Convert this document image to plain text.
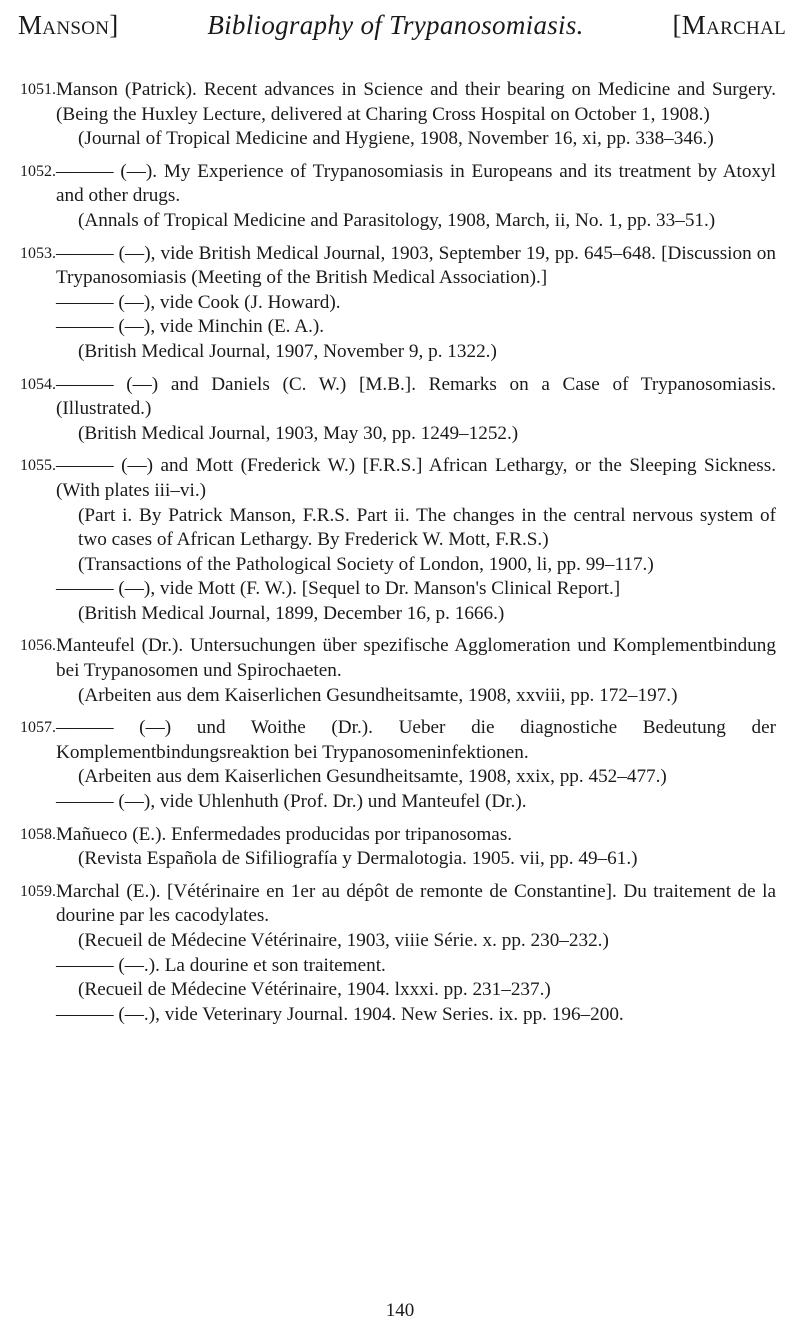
Manson]	Bibliography of Trypanosomiasis.	[Marchal
1051. Manson (Patrick). Recent advances in Science and their bearing on Medicine and Surgery. (Being the Huxley Lecture, delivered at Charing Cross Hospital on October 1, 1908.)

(Journal of Tropical Medicine and Hygiene, 1908, November 16, xi, pp. 338–346.)

1052. ——— (—). My Experience of Trypanosomiasis in Europeans and its treatment by Atoxyl and other drugs.

(Annals of Tropical Medicine and Parasitology, 1908, March, ii, No. 1, pp. 33–51.)

1053. ——— (—), vide British Medical Journal, 1903, September 19, pp. 645–648. [Discussion on Trypanosomiasis (Meeting of the British Medical Association).]

——— (—), vide Cook (J. Howard).

——— (—), vide Minchin (E. A.).

(British Medical Journal, 1907, November 9, p. 1322.)

1054. ——— (—) and Daniels (C. W.) [M.B.]. Remarks on a Case of Trypanosomiasis. (Illustrated.)

(British Medical Journal, 1903, May 30, pp. 1249–1252.)

1055. ——— (—) and Mott (Frederick W.) [F.R.S.] African Lethargy, or the Sleeping Sickness. (With plates iii–vi.)

(Part i. By Patrick Manson, F.R.S. Part ii. The changes in the central nervous system of two cases of African Lethargy. By Frederick W. Mott, F.R.S.)

(Transactions of the Pathological Society of London, 1900, li, pp. 99–117.)

——— (—), vide Mott (F. W.). [Sequel to Dr. Manson's Clinical Report.]

(British Medical Journal, 1899, December 16, p. 1666.)

1056. Manteufel (Dr.). Untersuchungen über spezifische Agglomeration und Komplementbindung bei Trypanosomen und Spirochaeten.

(Arbeiten aus dem Kaiserlichen Gesundheitsamte, 1908, xxviii, pp. 172–197.)

1057. ——— (—) und Woithe (Dr.). Ueber die diagnostiche Bedeutung der Komplementbindungsreaktion bei Trypanosomeninfektionen.

(Arbeiten aus dem Kaiserlichen Gesundheitsamte, 1908, xxix, pp. 452–477.)

——— (—), vide Uhlenhuth (Prof. Dr.) und Manteufel (Dr.).

1058. Mañueco (E.). Enfermedades producidas por tripanosomas.

(Revista Española de Sifiliografía y Dermalotogia. 1905. vii, pp. 49–61.)

1059. Marchal (E.). [Vétérinaire en 1er au dépôt de remonte de Constantine]. Du traitement de la dourine par les cacodylates.

(Recueil de Médecine Vétérinaire, 1903, viiie Série. x. pp. 230–232.)

——— (—.). La dourine et son traitement.

(Recueil de Médecine Vétérinaire, 1904. lxxxi. pp. 231–237.)

——— (—.), vide Veterinary Journal. 1904. New Series. ix. pp. 196–200.

140
